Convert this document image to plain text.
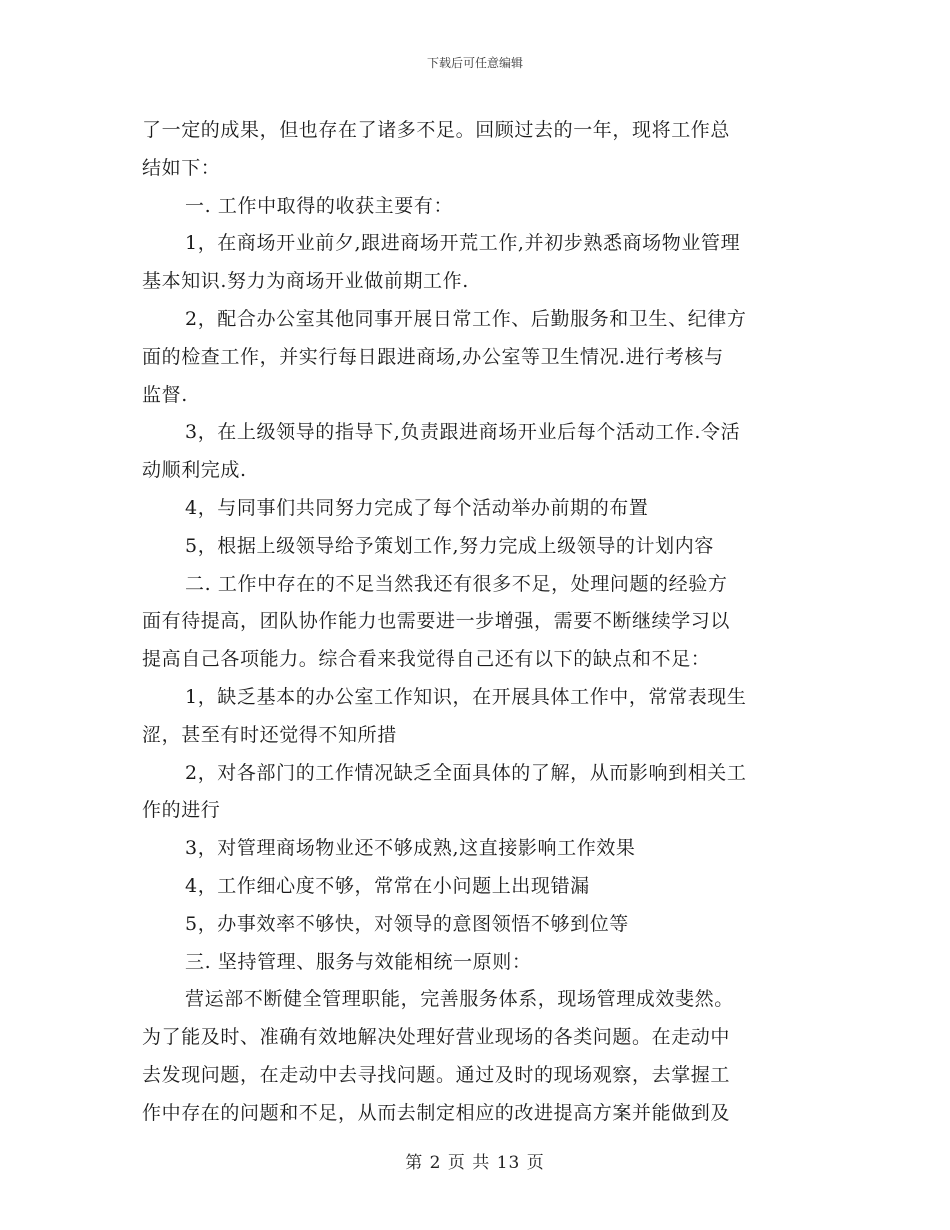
下载后可任意编辑
了一定的成果，但也存在了诸多不足。回顾过去的一年，现将工作总
结如下：
一. 工作中取得的收获主要有：
1，在商场开业前夕,跟进商场开荒工作,并初步熟悉商场物业管理
基本知识.努力为商场开业做前期工作.
2，配合办公室其他同事开展日常工作、后勤服务和卫生、纪律方
面的检查工作，并实行每日跟进商场,办公室等卫生情况.进行考核与
监督.
3，在上级领导的指导下,负责跟进商场开业后每个活动工作.令活
动顺利完成.
4，与同事们共同努力完成了每个活动举办前期的布置
5，根据上级领导给予策划工作,努力完成上级领导的计划内容
二. 工作中存在的不足当然我还有很多不足，处理问题的经验方
面有待提高，团队协作能力也需要进一步增强，需要不断继续学习以
提高自己各项能力。综合看来我觉得自己还有以下的缺点和不足：
1，缺乏基本的办公室工作知识，在开展具体工作中，常常表现生
涩，甚至有时还觉得不知所措
2，对各部门的工作情况缺乏全面具体的了解，从而影响到相关工
作的进行
3，对管理商场物业还不够成熟,这直接影响工作效果
4，工作细心度不够，常常在小问题上出现错漏
5，办事效率不够快，对领导的意图领悟不够到位等
三. 坚持管理、服务与效能相统一原则：
营运部不断健全管理职能，完善服务体系，现场管理成效斐然。
为了能及时、准确有效地解决处理好营业现场的各类问题。在走动中
去发现问题，在走动中去寻找问题。通过及时的现场观察，去掌握工
作中存在的问题和不足，从而去制定相应的改进提高方案并能做到及
第 2 页 共 13 页
